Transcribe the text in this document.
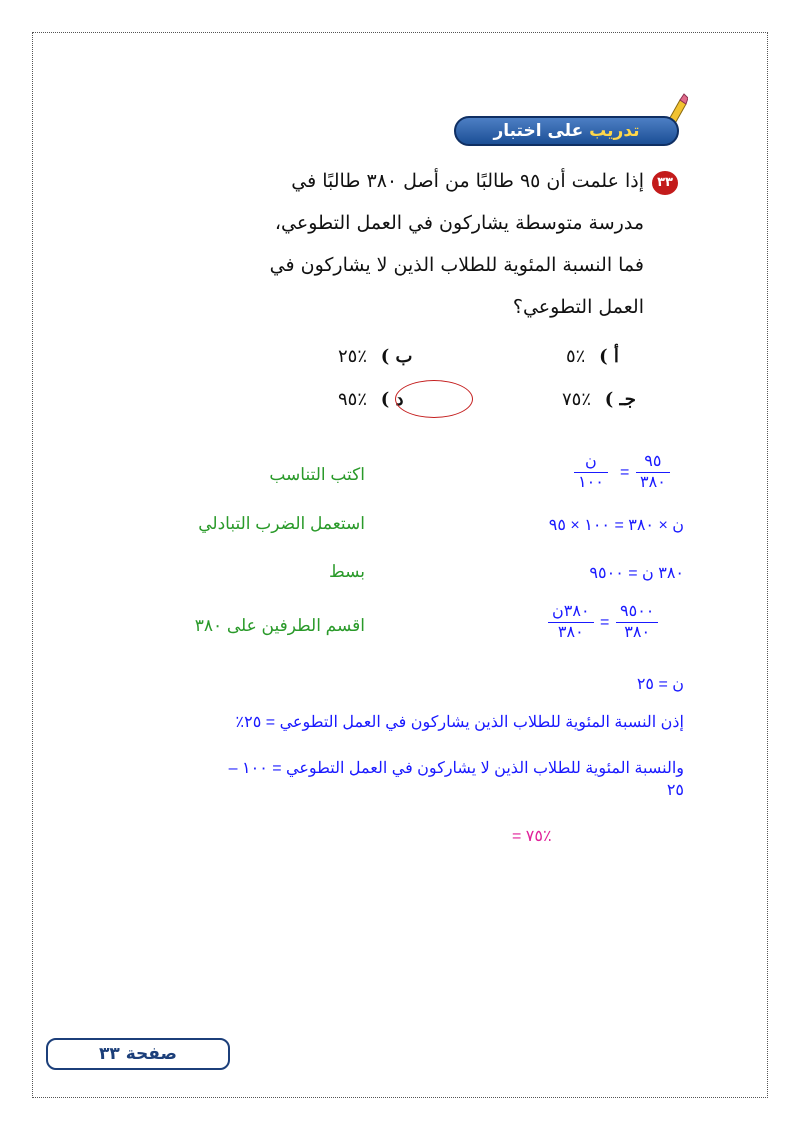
تدريب على اختبار
٣٣
إذا علمت أن ٩٥ طالبًا من أصل ٣٨٠ طالبًا في
مدرسة متوسطة يشاركون في العمل التطوعي،
فما النسبة المئوية للطلاب الذين لا يشاركون في
العمل التطوعي؟
٥٪ أ )
٢٥٪ ب )
٧٥٪ جـ )
٩٥٪ د )
٩٥
٣٨٠
=
ن
١٠٠
اكتب التناسب
ن × ٣٨٠ = ١٠٠ × ٩٥
استعمل الضرب التبادلي
٣٨٠ ن = ٩٥٠٠
بسط
٩٥٠٠
٣٨٠
=
٣٨٠ن
٣٨٠
اقسم الطرفين على ٣٨٠
ن = ٢٥
إذن النسبة المئوية للطلاب الذين يشاركون في العمل التطوعي = ٢٥٪
والنسبة المئوية للطلاب الذين لا يشاركون في العمل التطوعي = ١٠٠ –
٢٥
= ٧٥٪
صفحة ٣٣
